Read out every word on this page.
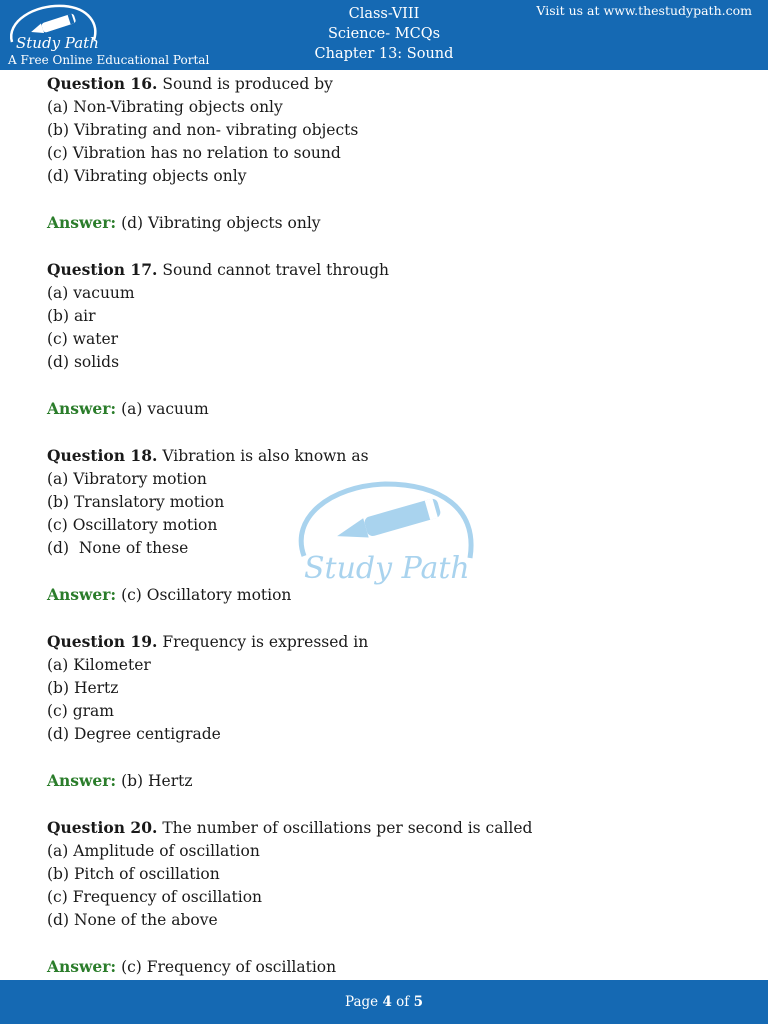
Study Path
A Free Online Educational Portal
Class-VIII
Science- MCQs
Chapter 13: Sound
Visit us at www.thestudypath.com
Study Path
Question 16. Sound is produced by
(a) Non-Vibrating objects only
(b) Vibrating and non- vibrating objects
(c) Vibration has no relation to sound
(d) Vibrating objects only
Answer: (d) Vibrating objects only
Question 17. Sound cannot travel through
(a) vacuum
(b) air
(c) water
(d) solids
Answer: (a) vacuum
Question 18. Vibration is also known as
(a) Vibratory motion
(b) Translatory motion
(c) Oscillatory motion
(d)  None of these
Answer: (c) Oscillatory motion
Question 19. Frequency is expressed in
(a) Kilometer
(b) Hertz
(c) gram
(d) Degree centigrade
Answer: (b) Hertz
Question 20. The number of oscillations per second is called
(a) Amplitude of oscillation
(b) Pitch of oscillation
(c) Frequency of oscillation
(d) None of the above
Answer: (c) Frequency of oscillation
Page 4 of 5
